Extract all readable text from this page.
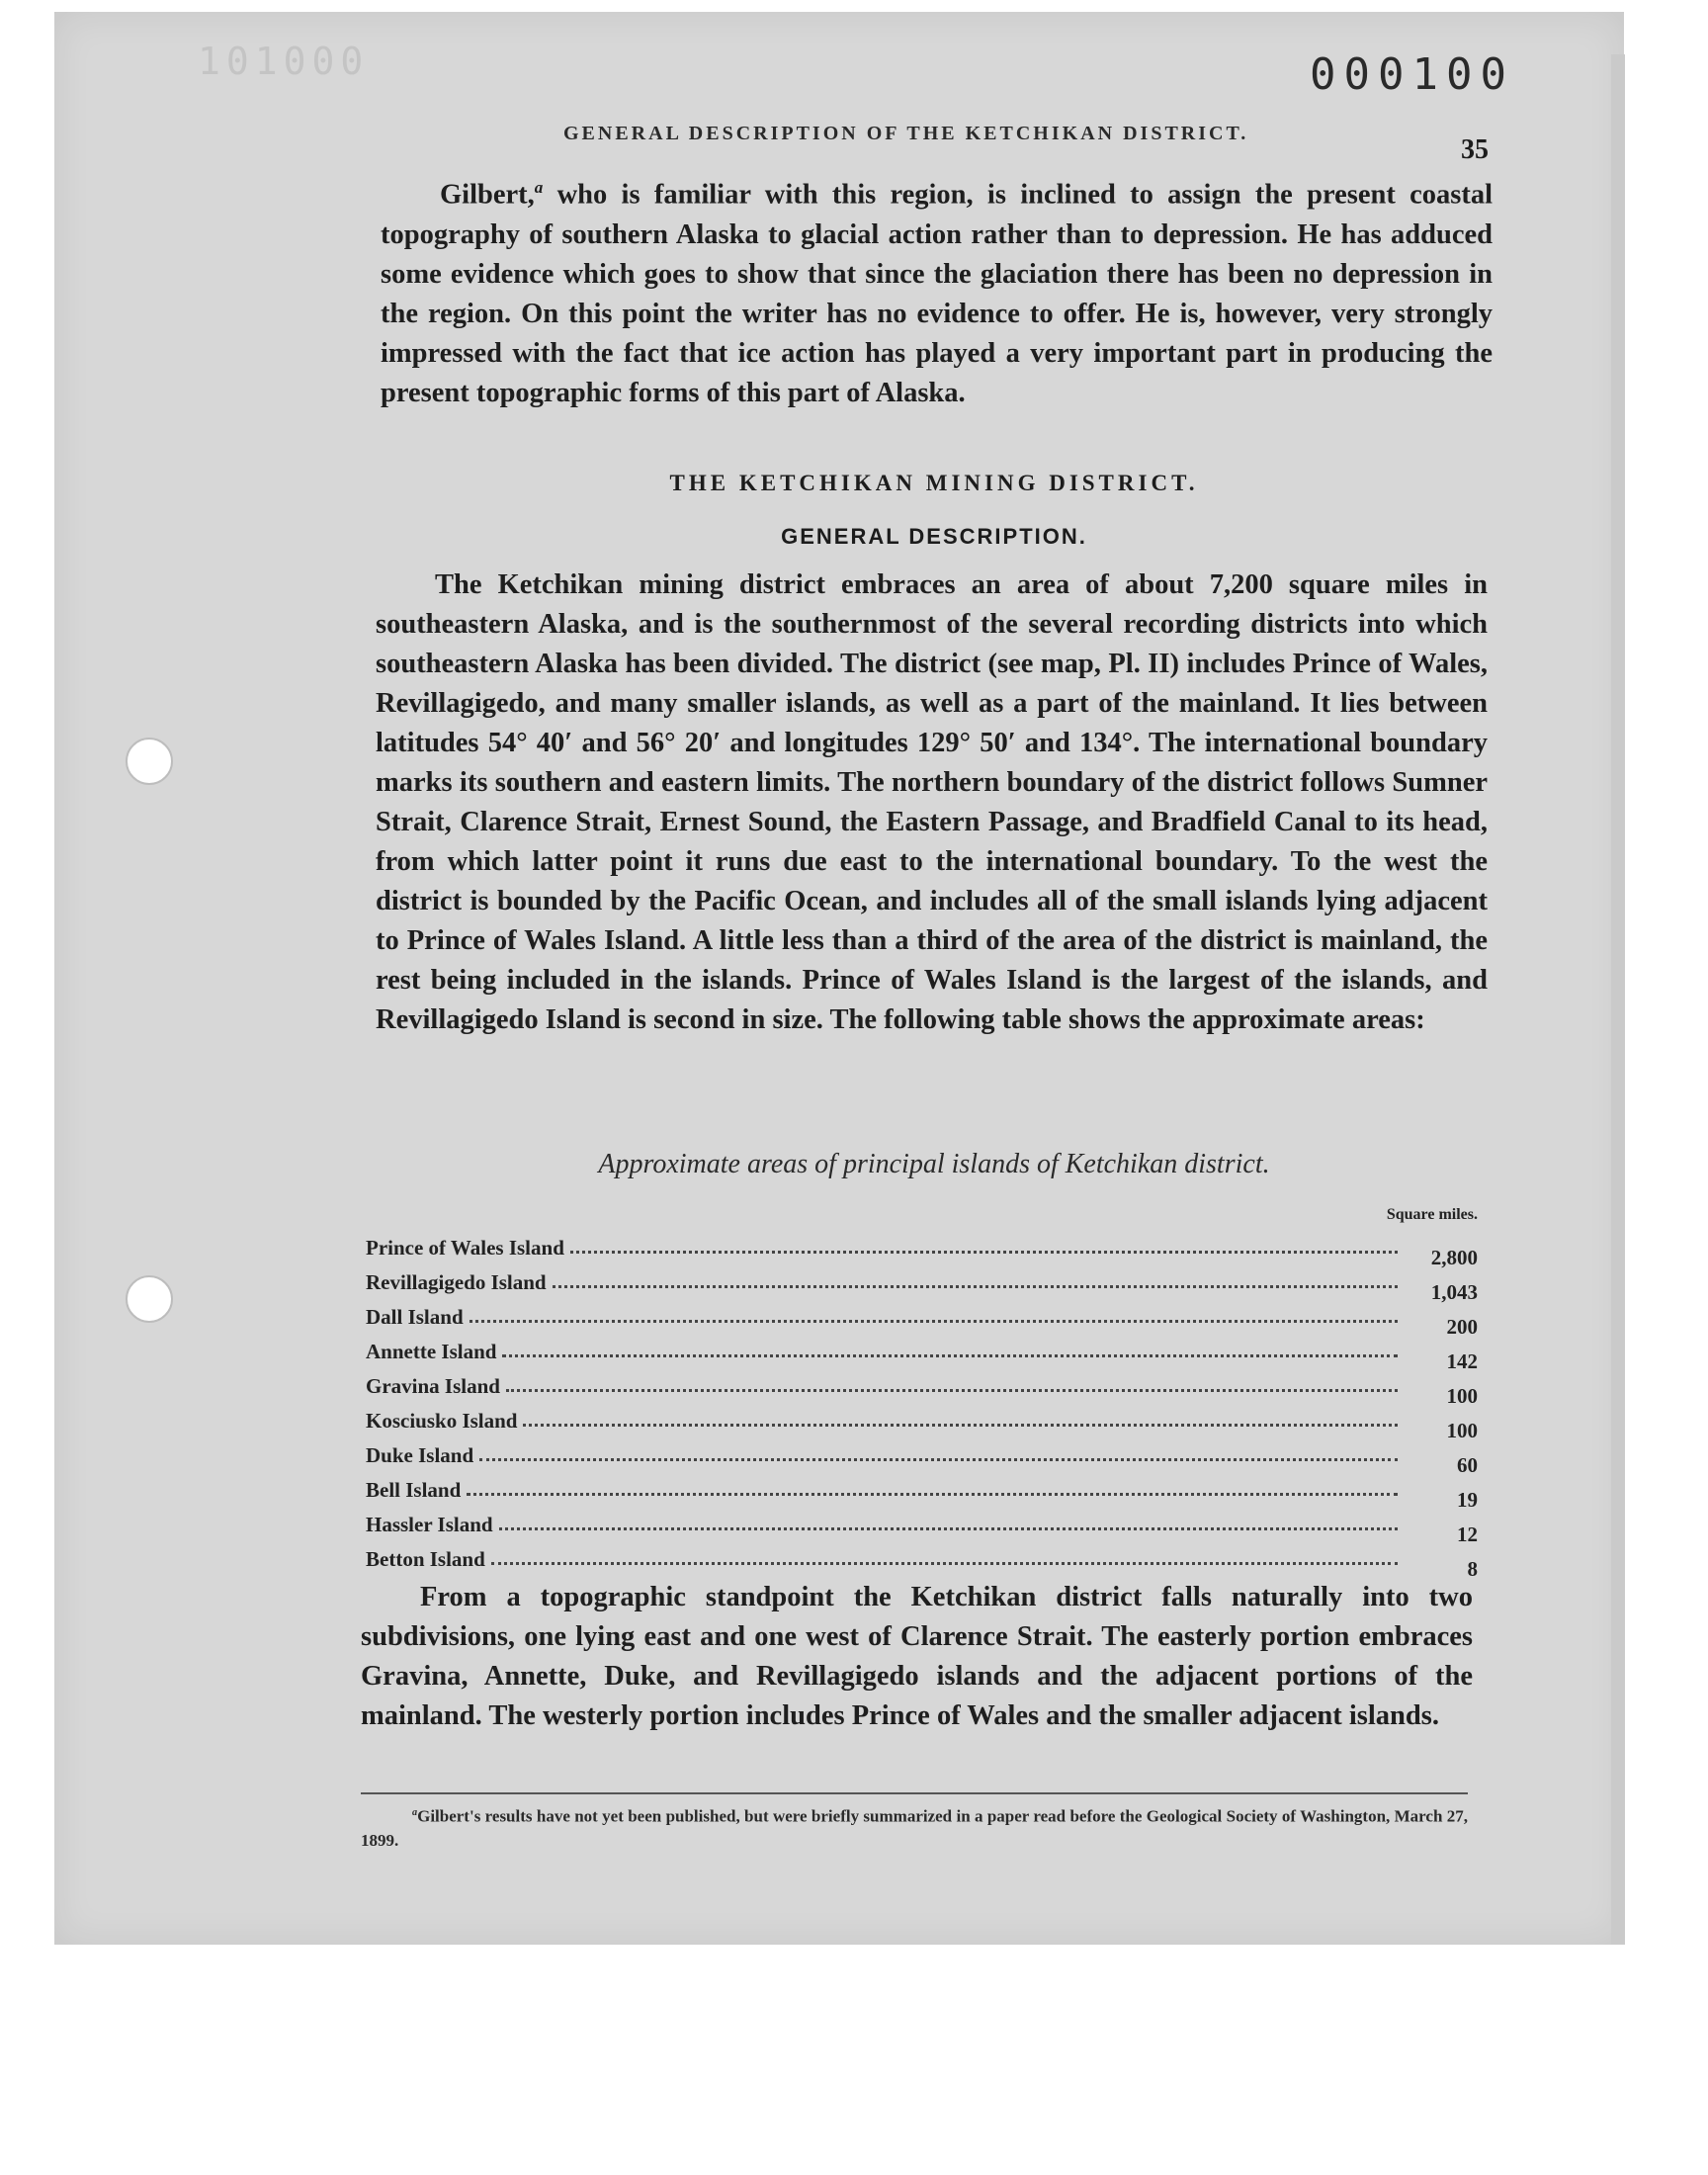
101000	000100
GENERAL DESCRIPTION OF THE KETCHIKAN DISTRICT.
35

Gilbert,$^a$ who is familiar with this region, is inclined to assign the present coastal topography of southern Alaska to glacial action rather than to depression. He has adduced some evidence which goes to show that since the glaciation there has been no depression in the region. On this point the writer has no evidence to offer. He is, however, very strongly impressed with the fact that ice action has played a very important part in producing the present topographic forms of this part of Alaska.

THE KETCHIKAN MINING DISTRICT.
GENERAL DESCRIPTION.

The Ketchikan mining district embraces an area of about 7,200 square miles in southeastern Alaska, and is the southernmost of the several recording districts into which southeastern Alaska has been divided. The district (see map, Pl. II) includes Prince of Wales, Revillagigedo, and many smaller islands, as well as a part of the mainland. It lies between latitudes 54° 40′ and 56° 20′ and longitudes 129° 50′ and 134°. The international boundary marks its southern and eastern limits. The northern boundary of the district follows Sumner Strait, Clarence Strait, Ernest Sound, the Eastern Passage, and Bradfield Canal to its head, from which latter point it runs due east to the international boundary. To the west the district is bounded by the Pacific Ocean, and includes all of the small islands lying adjacent to Prince of Wales Island. A little less than a third of the area of the district is mainland, the rest being included in the islands. Prince of Wales Island is the largest of the islands, and Revillagigedo Island is second in size. The following table shows the approximate areas:

Approximate areas of principal islands of Ketchikan district.
Square miles.
Prince of Wales Island	2,800
Revillagigedo Island	1,043
Dall Island	200
Annette Island	142
Gravina Island	100
Kosciusko Island	100
Duke Island	60
Bell Island	19
Hassler Island	12
Betton Island	8

From a topographic standpoint the Ketchikan district falls naturally into two subdivisions, one lying east and one west of Clarence Strait. The easterly portion embraces Gravina, Annette, Duke, and Revillagigedo islands and the adjacent portions of the mainland. The westerly portion includes Prince of Wales and the smaller adjacent islands.

$^a$Gilbert's results have not yet been published, but were briefly summarized in a paper read before the Geological Society of Washington, March 27, 1899.
